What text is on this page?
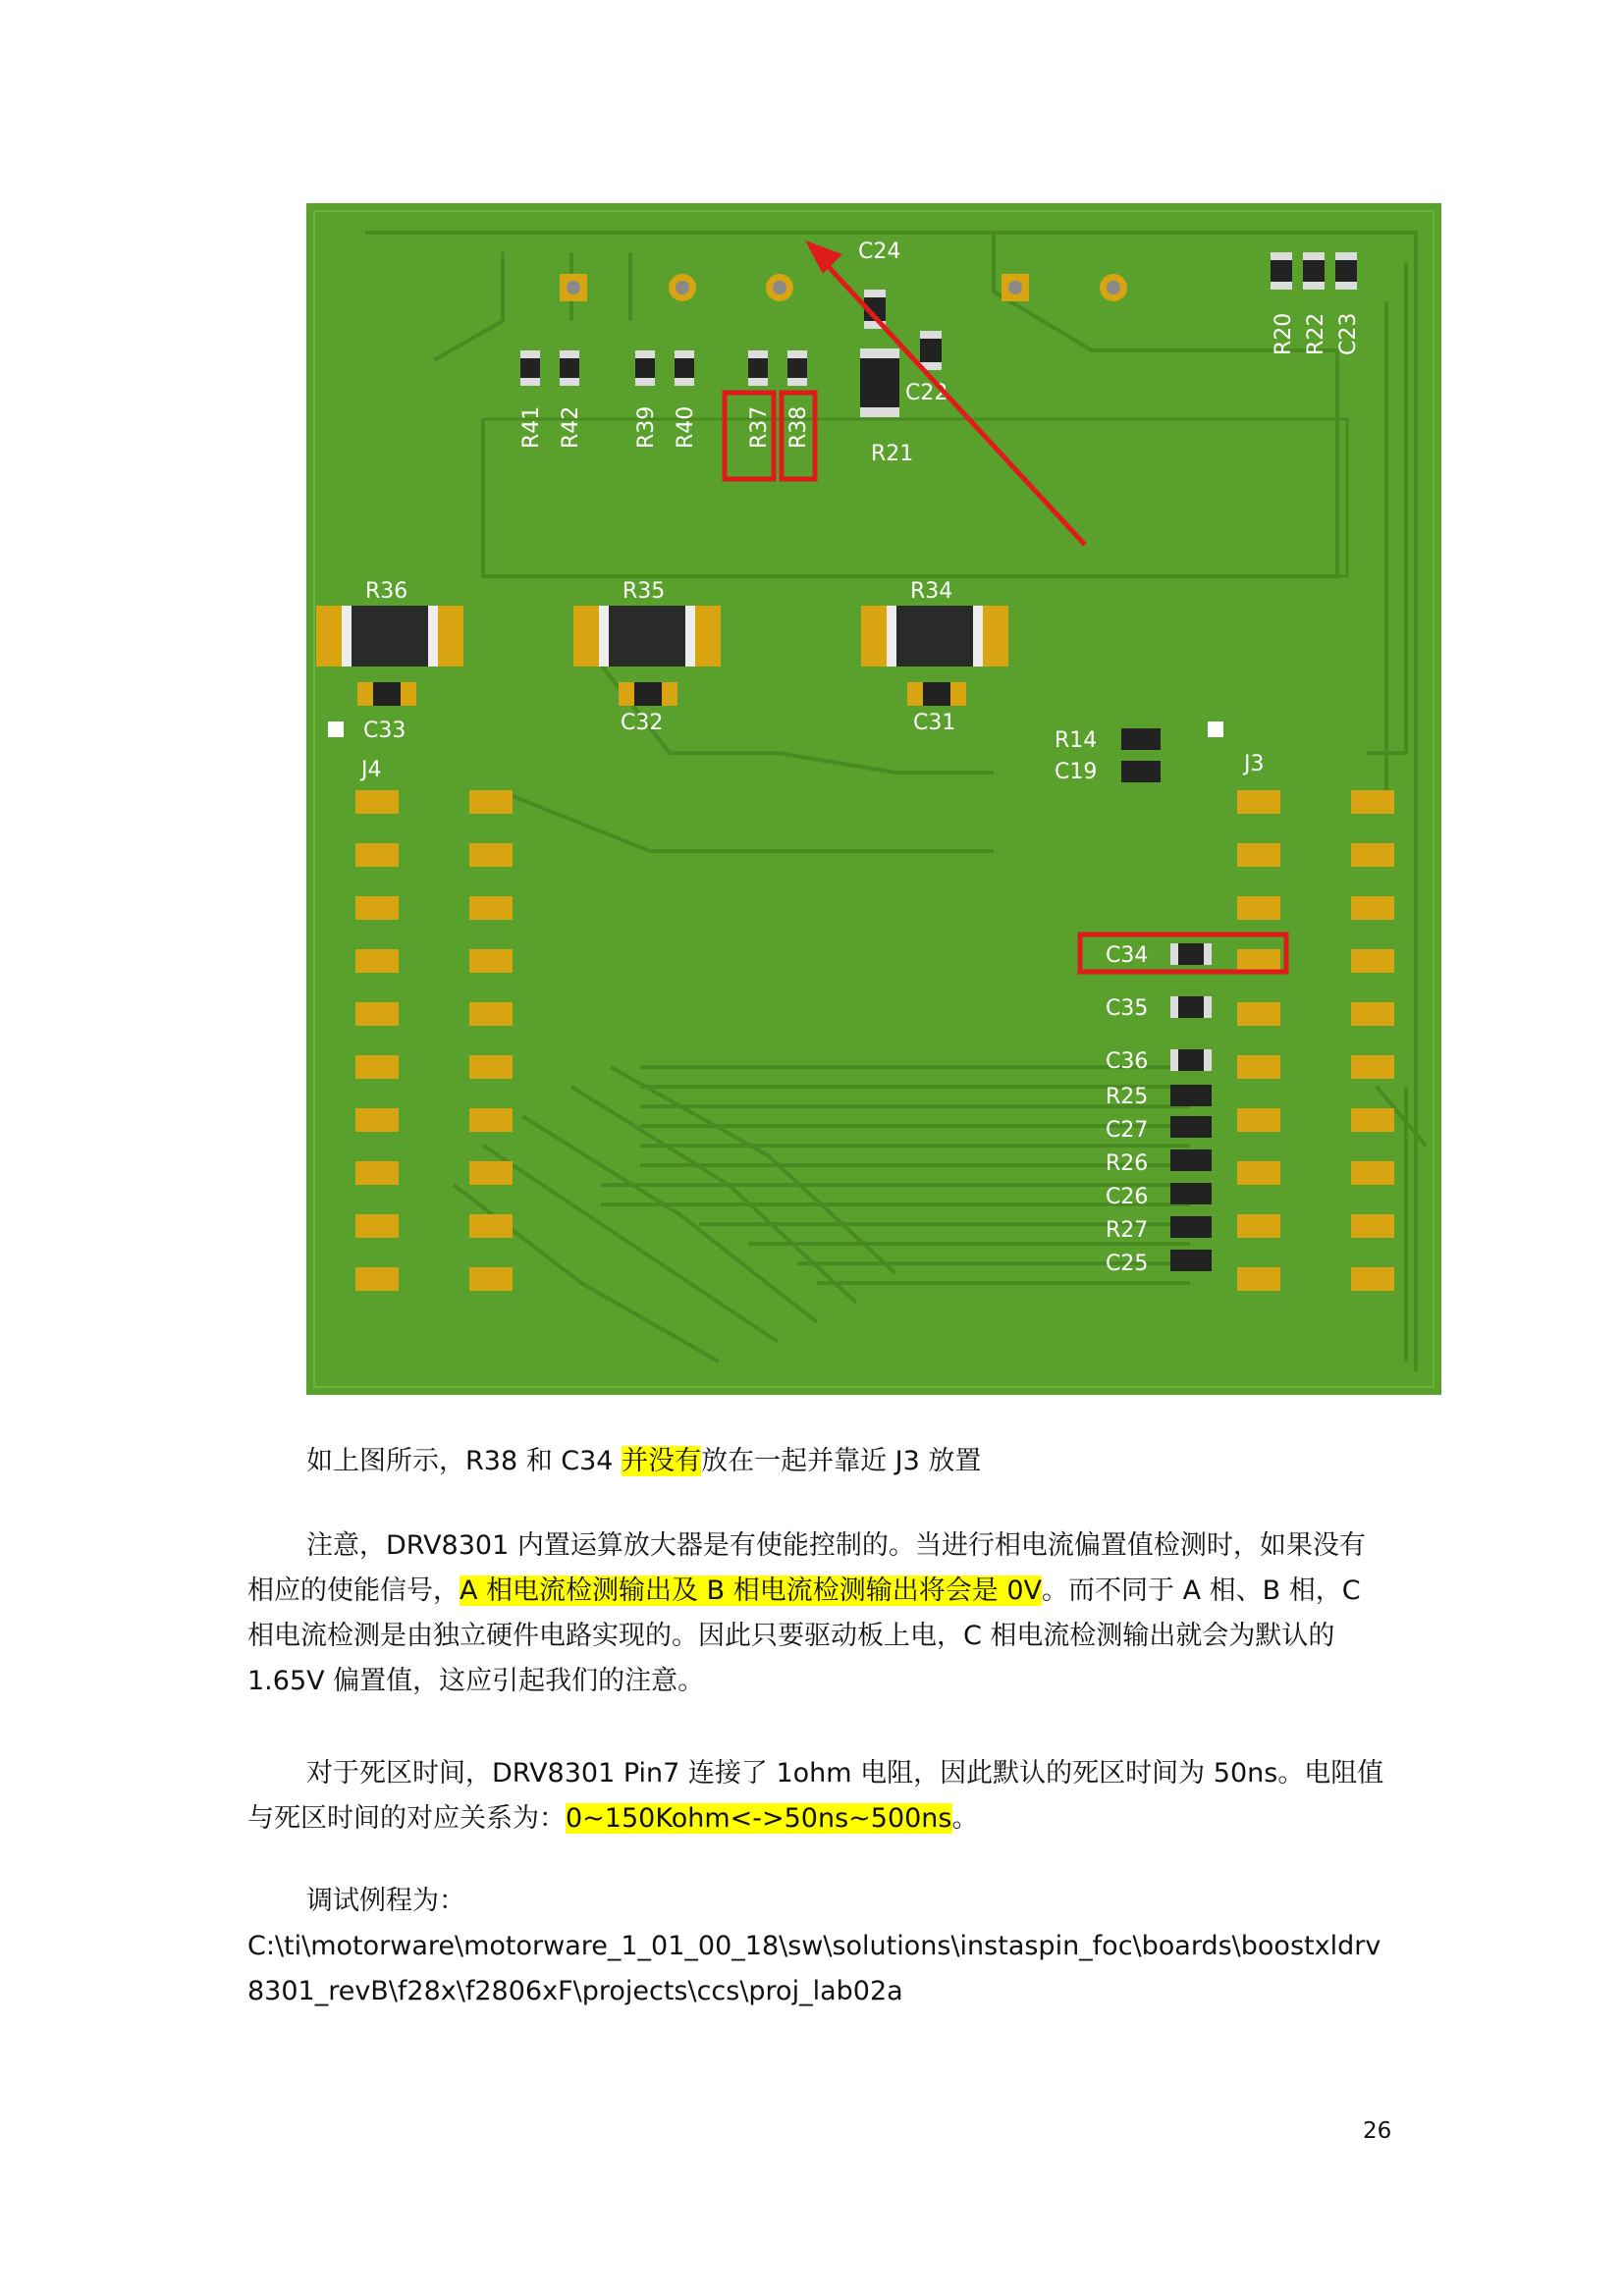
C24
C22
R21
R20 R22 C23
R41 R42 R39 R40 R37 R38
R36	R35	R34
C33	C32	C31
R14
C19
J4	J3
C34
C35
C36
R25
C27
R26
C26
R27
C25

如上图所示，R38 和 C34 并没有放在一起并靠近 J3 放置

注意，DRV8301 内置运算放大器是有使能控制的。当进行相电流偏置值检测时，如果没有相应的使能信号，A 相电流检测输出及 B 相电流检测输出将会是 0V。而不同于 A 相、B 相，C 相电流检测是由独立硬件电路实现的。因此只要驱动板上电，C 相电流检测输出就会为默认的 1.65V 偏置值，这应引起我们的注意。

对于死区时间，DRV8301 Pin7 连接了 1ohm 电阻，因此默认的死区时间为 50ns。电阻值与死区时间的对应关系为：0~150Kohm<->50ns~500ns。

调试例程为：

C:\ti\motorware\motorware_1_01_00_18\sw\solutions\instaspin_foc\boards\boostxldrv8301_revB\f28x\f2806xF\projects\ccs\proj_lab02a

26
